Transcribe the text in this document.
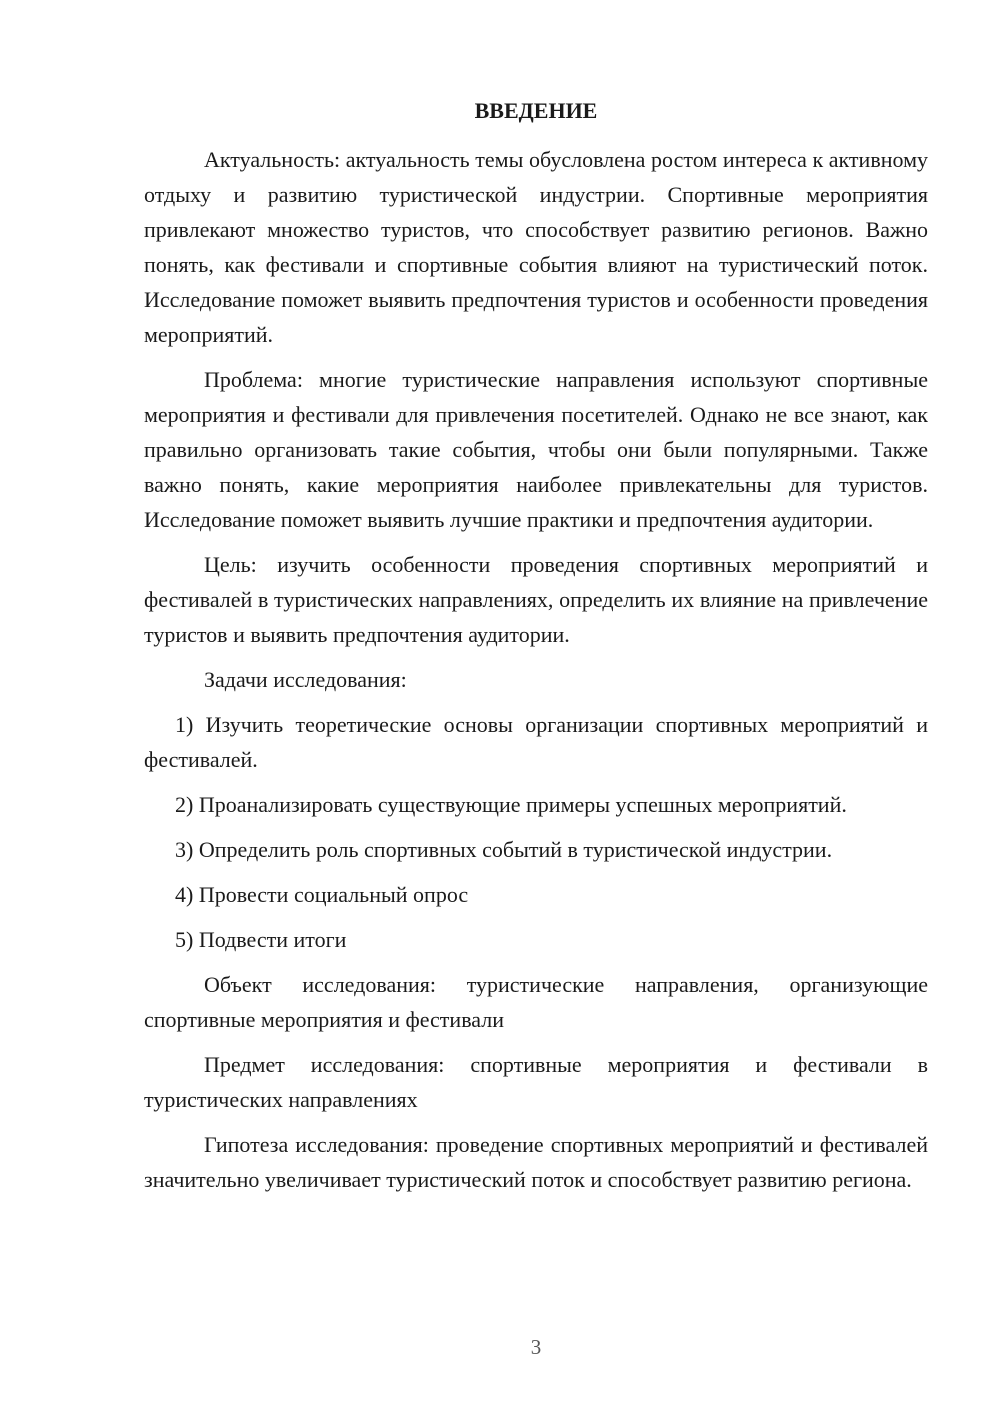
ВВЕДЕНИЕ

Актуальность: актуальность темы обусловлена ростом интереса к активному отдыху и развитию туристической индустрии. Спортивные мероприятия привлекают множество туристов, что способствует развитию регионов. Важно понять, как фестивали и спортивные события влияют на туристический поток. Исследование поможет выявить предпочтения туристов и особенности проведения мероприятий.

Проблема: многие туристические направления используют спортивные мероприятия и фестивали для привлечения посетителей. Однако не все знают, как правильно организовать такие события, чтобы они были популярными. Также важно понять, какие мероприятия наиболее привлекательны для туристов. Исследование поможет выявить лучшие практики и предпочтения аудитории.

Цель: изучить особенности проведения спортивных мероприятий и фестивалей в туристических направлениях, определить их влияние на привлечение туристов и выявить предпочтения аудитории.

Задачи исследования:

1) Изучить теоретические основы организации спортивных мероприятий и фестивалей.

2) Проанализировать существующие примеры успешных мероприятий.

3) Определить роль спортивных событий в туристической индустрии.

4) Провести социальный опрос

5) Подвести итоги

Объект исследования: туристические направления, организующие спортивные мероприятия и фестивали

Предмет исследования: спортивные мероприятия и фестивали в туристических направлениях

Гипотеза исследования: проведение спортивных мероприятий и фестивалей значительно увеличивает туристический поток и способствует развитию региона.

3
